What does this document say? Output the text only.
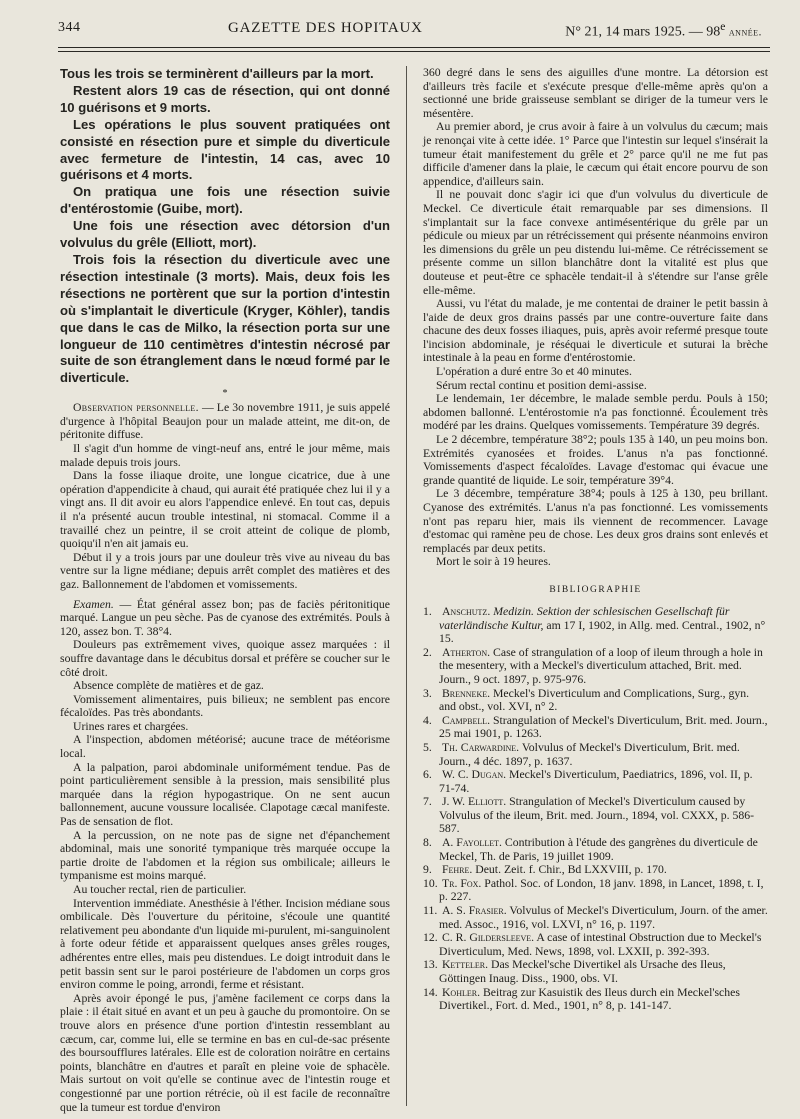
344	GAZETTE DES HOPITAUX	N° 21, 14 mars 1925. — 98e année.

Tous les trois se terminèrent d'ailleurs par la mort.

Restent alors 19 cas de résection, qui ont donné 10 guérisons et 9 morts.

Les opérations le plus souvent pratiquées ont consisté en résection pure et simple du diverticule avec fermeture de l'intestin, 14 cas, avec 10 guérisons et 4 morts.

On pratiqua une fois une résection suivie d'entérostomie (Guibe, mort).

Une fois une résection avec détorsion d'un volvulus du grêle (Elliott, mort).

Trois fois la résection du diverticule avec une résection intestinale (3 morts). Mais, deux fois les résections ne portèrent que sur la portion d'intestin où s'implantait le diverticule (Kryger, Köhler), tandis que dans le cas de Milko, la résection porta sur une longueur de 110 centimètres d'intestin nécrosé par suite de son étranglement dans le nœud formé par le diverticule.

*

Observation personnelle. — Le 3o novembre 1911, je suis appelé d'urgence à l'hôpital Beaujon pour un malade atteint, me dit-on, de péritonite diffuse.

Il s'agit d'un homme de vingt-neuf ans, entré le jour même, mais malade depuis trois jours.

Dans la fosse iliaque droite, une longue cicatrice, due à une opération d'appendicite à chaud, qui aurait été pratiquée chez lui il y a vingt ans. Il dit avoir eu alors l'appendice enlevé. En tout cas, depuis il n'a présenté aucun trouble intestinal, ni stomacal. Comme il a travaillé chez un peintre, il se croit atteint de colique de plomb, quoiqu'il n'en ait jamais eu.

Début il y a trois jours par une douleur très vive au niveau du bas ventre sur la ligne médiane; depuis arrêt complet des matières et des gaz. Ballonnement de l'abdomen et vomissements.

Examen. — État général assez bon; pas de faciès péritonitique marqué. Langue un peu sèche. Pas de cyanose des extrémités. Pouls à 120, assez bon. T. 38°4.

Douleurs pas extrêmement vives, quoique assez marquées : il souffre davantage dans le décubitus dorsal et préfère se coucher sur le côté droit.

Absence complète de matières et de gaz.

Vomissement alimentaires, puis bilieux; ne semblent pas encore fécaloïdes. Pas très abondants.

Urines rares et chargées.

A l'inspection, abdomen météorisé; aucune trace de météorisme local.

A la palpation, paroi abdominale uniformément tendue. Pas de point particulièrement sensible à la pression, mais sensibilité plus marquée dans la région hypogastrique. On ne sent aucun ballonnement, aucune voussure localisée. Clapotage cæcal manifeste. Pas de sensation de flot.

A la percussion, on ne note pas de signe net d'épanchement abdominal, mais une sonorité tympanique très marquée occupe la partie droite de l'abdomen et la région sus ombilicale; ailleurs le tympanisme est moins marqué.

Au toucher rectal, rien de particulier.

Intervention immédiate. Anesthésie à l'éther. Incision médiane sous ombilicale. Dès l'ouverture du péritoine, s'écoule une quantité relativement peu abondante d'un liquide mi-purulent, mi-sanguinolent à forte odeur fétide et apparaissent quelques anses grêles rouges, adhérentes entre elles, mais peu distendues. Le doigt introduit dans le petit bassin sent sur le paroi postérieure de l'abdomen un corps gros environ comme le poing, arrondi, ferme et résistant.

Après avoir épongé le pus, j'amène facilement ce corps dans la plaie : il était situé en avant et un peu à gauche du promontoire. On se trouve alors en présence d'une portion d'intestin ressemblant au cæcum, car, comme lui, elle se termine en bas en cul-de-sac présente des boursoufflures latérales. Elle est de coloration noirâtre en certains points, blanchâtre en d'autres et paraît en pleine voie de sphacèle. Mais surtout on voit qu'elle se continue avec de l'intestin rouge et congestionné par une portion rétrécie, où il est facile de reconnaître que la tumeur est tordue d'environ

360 degré dans le sens des aiguilles d'une montre. La détorsion est d'ailleurs très facile et s'exécute presque d'elle-même après qu'on a sectionné une bride graisseuse semblant se diriger de la tumeur vers le mésentère.

Au premier abord, je crus avoir à faire à un volvulus du cæcum; mais je renonçai vite à cette idée. 1° Parce que l'intestin sur lequel s'insérait la tumeur était manifestement du grêle et 2° parce qu'il ne me fut pas difficile d'amener dans la plaie, le cæcum qui était encore pourvu de son appendice, d'ailleurs sain.

Il ne pouvait donc s'agir ici que d'un volvulus du diverticule de Meckel. Ce diverticule était remarquable par ses dimensions. Il s'implantait sur la face convexe antimésentérique du grêle par un pédicule ou mieux par un rétrécissement qui présente néanmoins environ les dimensions du grêle un peu distendu lui-même. Ce rétrécissement se présente comme un sillon blanchâtre dont la vitalité est plus que douteuse et peut-être ce sphacèle tendait-il à s'étendre sur l'anse grêle elle-même.

Aussi, vu l'état du malade, je me contentai de drainer le petit bassin à l'aide de deux gros drains passés par une contre-ouverture faite dans chacune des deux fosses iliaques, puis, après avoir refermé presque toute l'incision abdominale, je réséquai le diverticule et suturai la brèche intestinale à la peau en forme d'entérostomie.

L'opération a duré entre 3o et 40 minutes.

Sérum rectal continu et position demi-assise.

Le lendemain, 1er décembre, le malade semble perdu. Pouls à 150; abdomen ballonné. L'entérostomie n'a pas fonctionné. Écoulement très modéré par les drains. Quelques vomissements. Température 39 degrés.

Le 2 décembre, température 38°2; pouls 135 à 140, un peu moins bon. Extrémités cyanosées et froides. L'anus n'a pas fonctionné. Vomissements d'aspect fécaloïdes. Lavage d'estomac qui évacue une grande quantité de liquide. Le soir, température 39°4.

Le 3 décembre, température 38°4; pouls à 125 à 130, peu brillant. Cyanose des extrémités. L'anus n'a pas fonctionné. Les vomissements n'ont pas reparu hier, mais ils viennent de recommencer. Lavage d'estomac qui ramène peu de chose. Les deux gros drains sont enlevés et remplacés par deux petits.

Mort le soir à 19 heures.

BIBLIOGRAPHIE
1. Anschutz. Medizin. Sektion der schlesischen Gesellschaft für vaterländische Kultur, am 17 I, 1902, in Allg. med. Central., 1902, n° 15.
2. Atherton. Case of strangulation of a loop of ileum through a hole in the mesentery, with a Meckel's diverticulum attached, Brit. med. Journ., 9 oct. 1897, p. 975-976.
3. Brenneke. Meckel's Diverticulum and Complications, Surg., gyn. and obst., vol. XVI, n° 2.
4. Campbell. Strangulation of Meckel's Diverticulum, Brit. med. Journ., 25 mai 1901, p. 1263.
5. Th. Carwardine. Volvulus of Meckel's Diverticulum, Brit. med. Journ., 4 déc. 1897, p. 1637.
6. W. C. Dugan. Meckel's Diverticulum, Paediatrics, 1896, vol. II, p. 71-74.
7. J. W. Elliott. Strangulation of Meckel's Diverticulum caused by Volvulus of the ileum, Brit. med. Journ., 1894, vol. CXXX, p. 586-587.
8. A. Fayollet. Contribution à l'étude des gangrènes du diverticule de Meckel, Th. de Paris, 19 juillet 1909.
9. Fehre. Deut. Zeit. f. Chir., Bd LXXVIII, p. 170.
10. Tr. Fox. Pathol. Soc. of London, 18 janv. 1898, in Lancet, 1898, t. I, p. 227.
11. A. S. Frasier. Volvulus of Meckel's Diverticulum, Journ. of the amer. med. Assoc., 1916, vol. LXVI, n° 16, p. 1197.
12. C. R. Gildersleeve. A case of intestinal Obstruction due to Meckel's Diverticulum, Med. News, 1898, vol. LXXII, p. 392-393.
13. Ketteler. Das Meckel'sche Divertikel als Ursache des Ileus, Göttingen Inaug. Diss., 1900, obs. VI.
14. Kohler. Beitrag zur Kasuistik des Ileus durch ein Meckel'sches Divertikel., Fort. d. Med., 1901, n° 8, p. 141-147.
